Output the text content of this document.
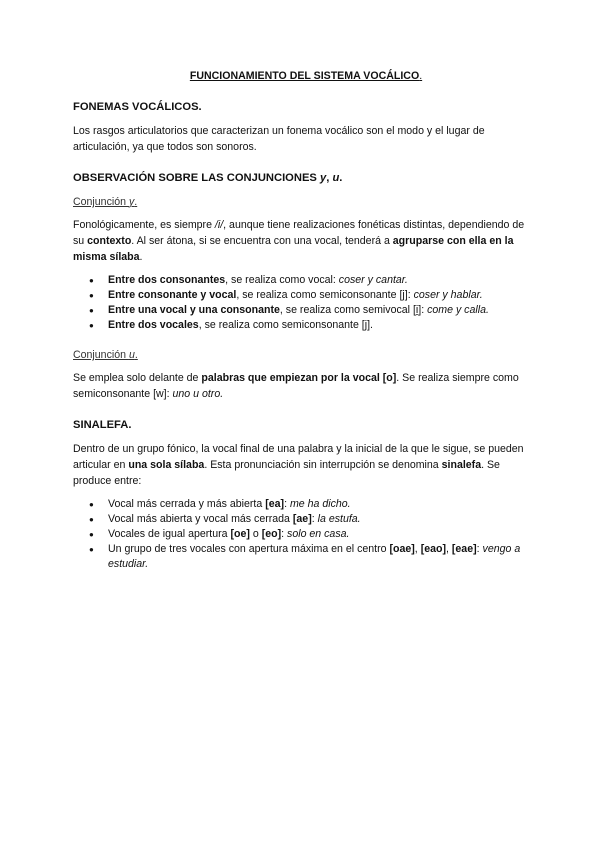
FUNCIONAMIENTO DEL SISTEMA VOCÁLICO.

FONEMAS VOCÁLICOS.

Los rasgos articulatorios que caracterizan un fonema vocálico son el modo y el lugar de articulación, ya que todos son sonoros.

OBSERVACIÓN SOBRE LAS CONJUNCIONES y, u.

Conjunción y.

Fonológicamente, es siempre /i/, aunque tiene realizaciones fonéticas distintas, dependiendo de su contexto. Al ser átona, si se encuentra con una vocal, tenderá a agruparse con ella en la misma sílaba.

● Entre dos consonantes, se realiza como vocal: coser y cantar.
● Entre consonante y vocal, se realiza como semiconsonante [j]: coser y hablar.
● Entre una vocal y una consonante, se realiza como semivocal [i̯]: come y calla.
● Entre dos vocales, se realiza como semiconsonante [j].

Conjunción u.

Se emplea solo delante de palabras que empiezan por la vocal [o]. Se realiza siempre como semiconsonante [w]: uno u otro.

SINALEFA.

Dentro de un grupo fónico, la vocal final de una palabra y la inicial de la que le sigue, se pueden articular en una sola sílaba. Esta pronunciación sin interrupción se denomina sinalefa. Se produce entre:

● Vocal más cerrada y más abierta [ea]: me ha dicho.
● Vocal más abierta y vocal más cerrada [ae]: la estufa.
● Vocales de igual apertura [oe] o [eo]: solo en casa.
● Un grupo de tres vocales con apertura máxima en el centro [oae], [eao], [eae]: vengo a estudiar.
